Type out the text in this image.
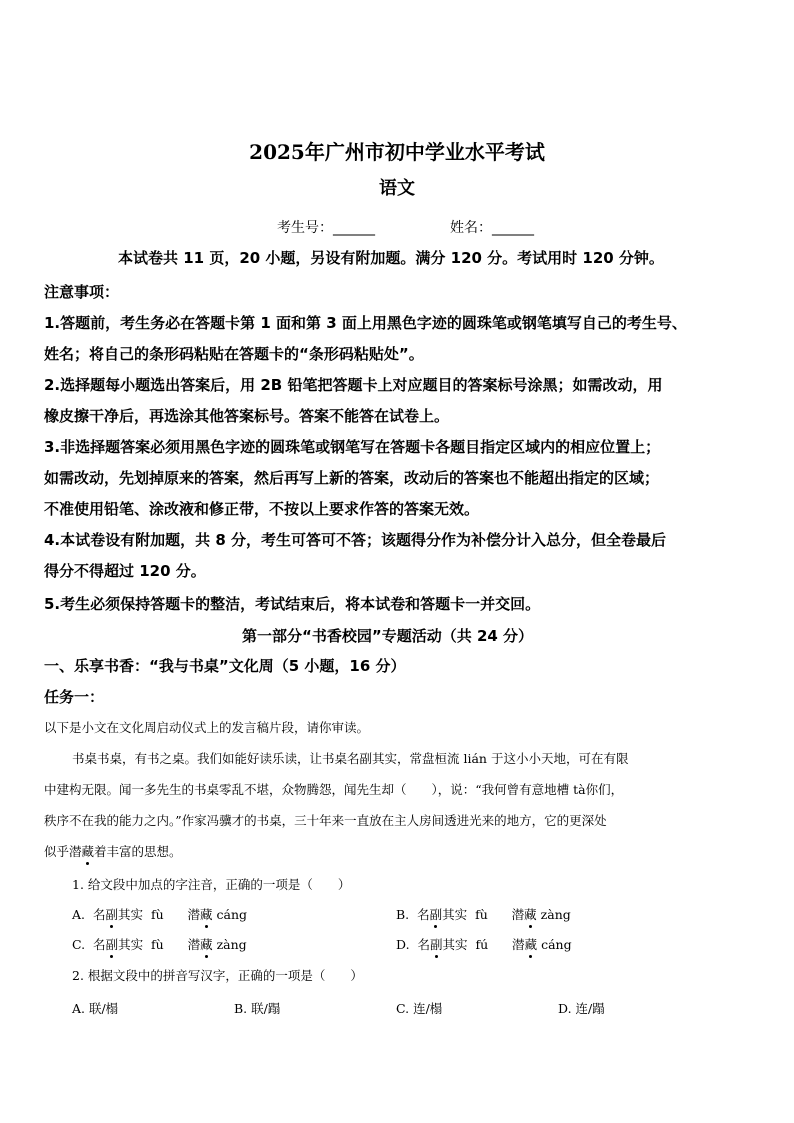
2025年广州市初中学业水平考试
语文
考生号：______	姓名：______
本试卷共 11 页，20 小题，另设有附加题。满分 120 分。考试用时 120 分钟。
注意事项：
1.答题前，考生务必在答题卡第 1 面和第 3 面上用黑色字迹的圆珠笔或钢笔填写自己的考生号、
姓名；将自己的条形码粘贴在答题卡的“条形码粘贴处”。
2.选择题每小题选出答案后，用 2B 铅笔把答题卡上对应题目的答案标号涂黑；如需改动，用
橡皮擦干净后，再选涂其他答案标号。答案不能答在试卷上。
3.非选择题答案必须用黑色字迹的圆珠笔或钢笔写在答题卡各题目指定区域内的相应位置上；
如需改动，先划掉原来的答案，然后再写上新的答案，改动后的答案也不能超出指定的区域；
不准使用铅笔、涂改液和修正带，不按以上要求作答的答案无效。
4.本试卷设有附加题，共 8 分，考生可答可不答；该题得分作为补偿分计入总分，但全卷最后
得分不得超过 120 分。
5.考生必须保持答题卡的整洁，考试结束后，将本试卷和答题卡一并交回。
第一部分“书香校园”专题活动（共 24 分）
一、乐享书香：“我与书桌”文化周（5 小题，16 分）
任务一：
以下是小文在文化周启动仪式上的发言稿片段，请你审读。
书桌书桌，有书之桌。我们如能好读乐读，让书桌名副其实，常盘桓流 lián 于这小小天地，可在有限
中建构无限。闻一多先生的书桌零乱不堪，众物腾怨，闻先生却（　　），说：“我何曾有意地槽 tà你们，
秩序不在我的能力之内。”作家冯骥才的书桌，三十年来一直放在主人房间透进光来的地方，它的更深处
似乎潜藏着丰富的思想。
1. 给文段中加点的字注音，正确的一项是（　　）
A. 名副其实 fù 潜藏 cáng	B. 名副其实 fù 潜藏 zàng
C. 名副其实 fù 潜藏 zàng	D. 名副其实 fú 潜藏 cáng
2. 根据文段中的拼音写汉字，正确的一项是（　　）
A. 联/榻	B. 联/蹋	C. 连/榻	D. 连/蹋
